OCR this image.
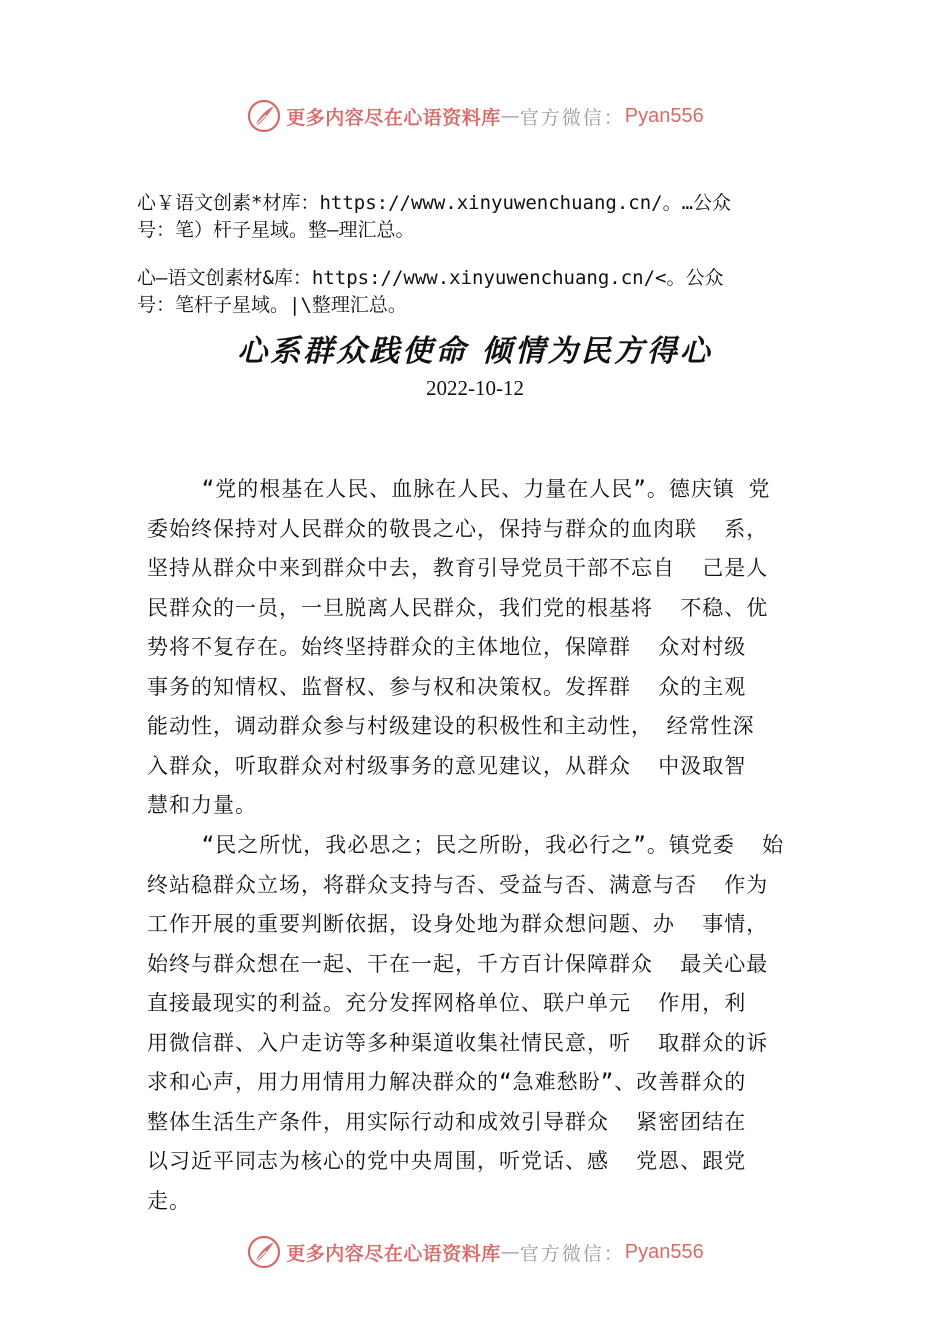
更多内容尽在心语资料库 — 官方微信： Pyan556
心￥语文创素*材库：https://www.xinyuwenchuang.cn/。…公众
号：笔）杆子星域。整—理汇总。
心—语文创素材&库：https://www.xinyuwenchuang.cn/<。公众
号：笔杆子星域。|\整理汇总。
心系群众践使命 倾情为民方得心
2022-10-12
“党的根基在人民、血脉在人民、力量在人民”。德庆镇 党
委始终保持对人民群众的敬畏之心，保持与群众的血肉联  系，
坚持从群众中来到群众中去，教育引导党员干部不忘自  己是人
民群众的一员，一旦脱离人民群众，我们党的根基将  不稳、优
势将不复存在。始终坚持群众的主体地位，保障群  众对村级
事务的知情权、监督权、参与权和决策权。发挥群  众的主观
能动性，调动群众参与村级建设的积极性和主动性， 经常性深
入群众，听取群众对村级事务的意见建议，从群众  中汲取智
慧和力量。
“民之所忧，我必思之；民之所盼，我必行之”。镇党委  始
终站稳群众立场，将群众支持与否、受益与否、满意与否  作为
工作开展的重要判断依据，设身处地为群众想问题、办  事情，
始终与群众想在一起、干在一起，千方百计保障群众  最关心最
直接最现实的利益。充分发挥网格单位、联户单元  作用，利
用微信群、入户走访等多种渠道收集社情民意，听  取群众的诉
求和心声，用力用情用力解决群众的“急难愁盼”、改善群众的
整体生活生产条件，用实际行动和成效引导群众  紧密团结在
以习近平同志为核心的党中央周围，听党话、感  党恩、跟党
走。
更多内容尽在心语资料库 — 官方微信： Pyan556
